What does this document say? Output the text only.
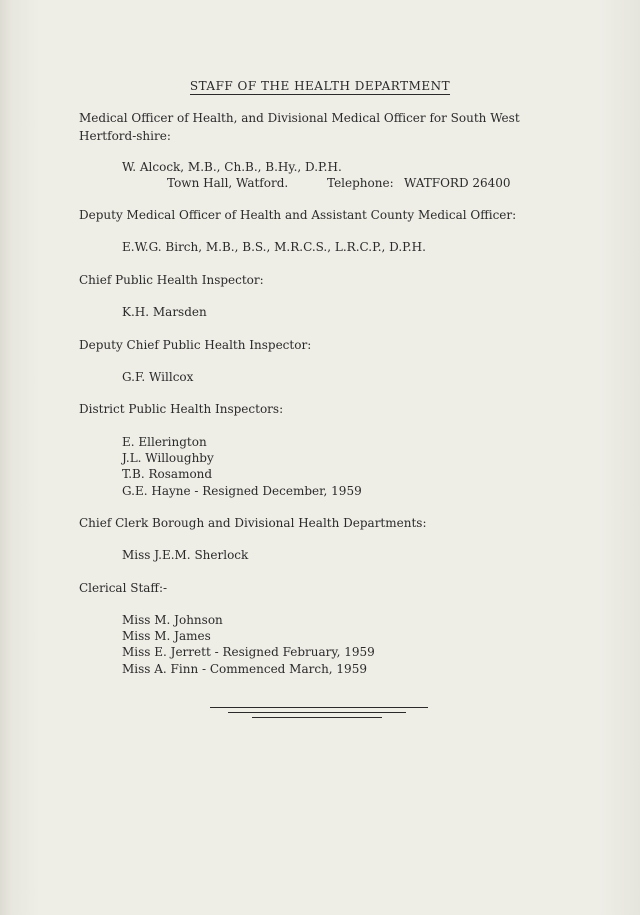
STAFF OF THE HEALTH DEPARTMENT
Medical Officer of Health, and Divisional Medical Officer for South West Hertford-shire:
W. Alcock, M.B., Ch.B., B.Hy., D.P.H.
Town Hall, Watford.	Telephone: WATFORD 26400
Deputy Medical Officer of Health and Assistant County Medical Officer:
E.W.G. Birch, M.B., B.S., M.R.C.S., L.R.C.P., D.P.H.
Chief Public Health Inspector:
K.H. Marsden
Deputy Chief Public Health Inspector:
G.F. Willcox
District Public Health Inspectors:
E. Ellerington
J.L. Willoughby
T.B. Rosamond
G.E. Hayne - Resigned December, 1959
Chief Clerk Borough and Divisional Health Departments:
Miss J.E.M. Sherlock
Clerical Staff:-
Miss M. Johnson
Miss M. James
Miss E. Jerrett - Resigned February, 1959
Miss A. Finn - Commenced March, 1959
